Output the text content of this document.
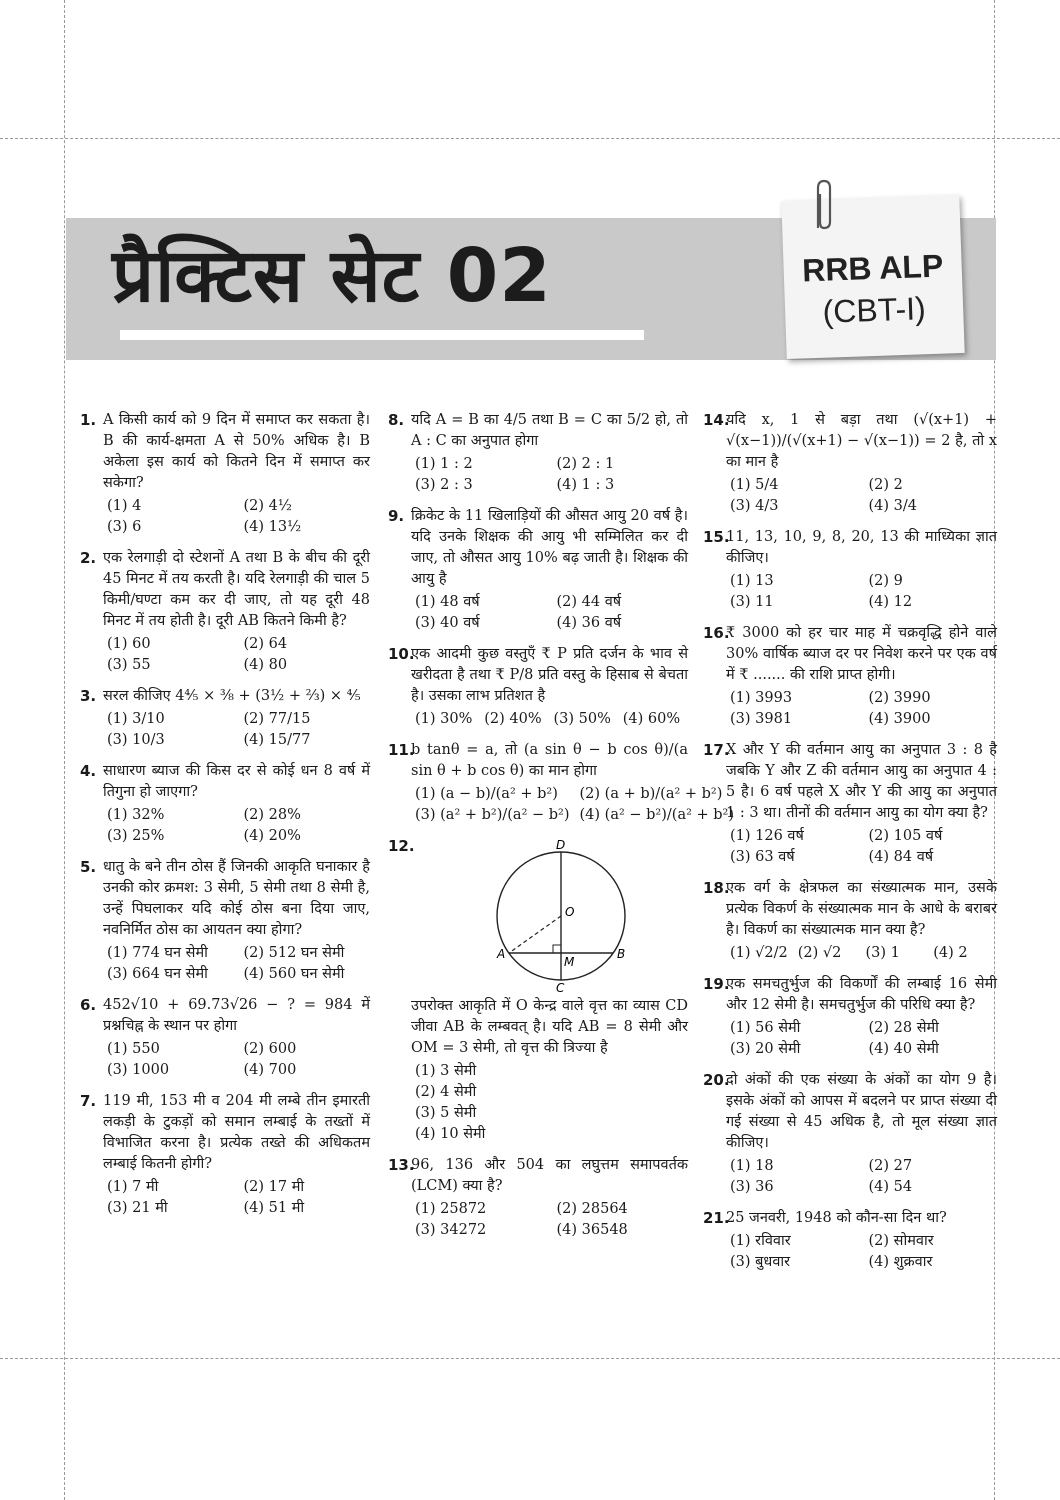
प्रैक्टिस सेट 02	RRB ALP
(CBT-I)
1. A किसी कार्य को 9 दिन में समाप्त कर सकता है। B की कार्य-क्षमता A से 50% अधिक है। B अकेला इस कार्य को कितने दिन में समाप्त कर सकेगा?
(1) 4	(2) 4½
(3) 6	(4) 13½
2. एक रेलगाड़ी दो स्टेशनों A तथा B के बीच की दूरी 45 मिनट में तय करती है। यदि रेलगाड़ी की चाल 5 किमी/घण्टा कम कर दी जाए, तो यह दूरी 48 मिनट में तय होती है। दूरी AB कितने किमी है?
(1) 60	(2) 64
(3) 55	(4) 80
3. सरल कीजिए 4⅘ × ⅜ + (3½ + ⅔) × ⅘
(1) 3/10	(2) 77/15
(3) 10/3	(4) 15/77
4. साधारण ब्याज की किस दर से कोई धन 8 वर्ष में तिगुना हो जाएगा?
(1) 32%	(2) 28%
(3) 25%	(4) 20%
5. धातु के बने तीन ठोस हैं जिनकी आकृति घनाकार है उनकी कोर क्रमश: 3 सेमी, 5 सेमी तथा 8 सेमी है, उन्हें पिघलाकर यदि कोई ठोस बना दिया जाए, नवनिर्मित ठोस का आयतन क्या होगा?
(1) 774 घन सेमी	(2) 512 घन सेमी
(3) 664 घन सेमी	(4) 560 घन सेमी
6. 452√10 + 69.73√26 − ? = 984 में प्रश्नचिह्न के स्थान पर होगा
(1) 550	(2) 600
(3) 1000	(4) 700
7. 119 मी, 153 मी व 204 मी लम्बे तीन इमारती लकड़ी के टुकड़ों को समान लम्बाई के तख्तों में विभाजित करना है। प्रत्येक तख्ते की अधिकतम लम्बाई कितनी होगी?
(1) 7 मी	(2) 17 मी
(3) 21 मी	(4) 51 मी
8. यदि A = B का 4/5 तथा B = C का 5/2 हो, तो A : C का अनुपात होगा
(1) 1 : 2	(2) 2 : 1
(3) 2 : 3	(4) 1 : 3
9. क्रिकेट के 11 खिलाड़ियों की औसत आयु 20 वर्ष है। यदि उनके शिक्षक की आयु भी सम्मिलित कर दी जाए, तो औसत आयु 10% बढ़ जाती है। शिक्षक की आयु है
(1) 48 वर्ष	(2) 44 वर्ष
(3) 40 वर्ष	(4) 36 वर्ष
10.
एक आदमी कुछ वस्तुएँ ₹ P प्रति दर्जन के भाव से खरीदता है तथा ₹ P/8 प्रति वस्तु के हिसाब से बेचता है। उसका लाभ प्रतिशत है
(1) 30% (2) 40% (3) 50% (4) 60%
11.
b tanθ = a, तो (a sin θ − b cos θ)/(a sin θ + b cos θ) का मान होगा
(1) (a − b)/(a² + b²)	(2) (a + b)/(a² + b²)
(3) (a² + b²)/(a² − b²) (4) (a² − b²)/(a² + b²)
12.	D
O
A
M
B
C
उपरोक्त आकृति में O केन्द्र वाले वृत्त का व्यास CD जीवा AB के लम्बवत् है। यदि AB = 8 सेमी और OM = 3 सेमी, तो वृत्त की त्रिज्या है
(1) 3 सेमी
(2) 4 सेमी
(3) 5 सेमी
(4) 10 सेमी
13.
96, 136 और 504 का लघुत्तम समापवर्तक (LCM) क्या है?
(1) 25872	(2) 28564
(3) 34272	(4) 36548
14.
यदि x, 1 से बड़ा तथा (√(x+1) + √(x−1))/(√(x+1) − √(x−1)) = 2 है, तो x का मान है
(1) 5/4	(2) 2
(3) 4/3	(4) 3/4
15.
11, 13, 10, 9, 8, 20, 13 की माध्यिका ज्ञात कीजिए।
(1) 13	(2) 9
(3) 11	(4) 12
16.
₹ 3000 को हर चार माह में चक्रवृद्धि होने वाले 30% वार्षिक ब्याज दर पर निवेश करने पर एक वर्ष में ₹ ....... की राशि प्राप्त होगी।
(1) 3993	(2) 3990
(3) 3981	(4) 3900
17.
X और Y की वर्तमान आयु का अनुपात 3 : 8 है जबकि Y और Z की वर्तमान आयु का अनुपात 4 : 5 है। 6 वर्ष पहले X और Y की आयु का अनुपात 1 : 3 था। तीनों की वर्तमान आयु का योग क्या है?
(1) 126 वर्ष	(2) 105 वर्ष
(3) 63 वर्ष	(4) 84 वर्ष
18.
एक वर्ग के क्षेत्रफल का संख्यात्मक मान, उसके प्रत्येक विकर्ण के संख्यात्मक मान के आधे के बराबर है। विकर्ण का संख्यात्मक मान क्या है?
(1) √2/2 (2) √2	(3) 1	(4) 2
19.
एक समचतुर्भुज की विकर्णों की लम्बाई 16 सेमी और 12 सेमी है। समचतुर्भुज की परिधि क्या है?
(1) 56 सेमी	(2) 28 सेमी
(3) 20 सेमी	(4) 40 सेमी
20.
दो अंकों की एक संख्या के अंकों का योग 9 है। इसके अंकों को आपस में बदलने पर प्राप्त संख्या दी गई संख्या से 45 अधिक है, तो मूल संख्या ज्ञात कीजिए।
(1) 18	(2) 27
(3) 36	(4) 54
21.
25 जनवरी, 1948 को कौन-सा दिन था?
(1) रविवार	(2) सोमवार
(3) बुधवार	(4) शुक्रवार
